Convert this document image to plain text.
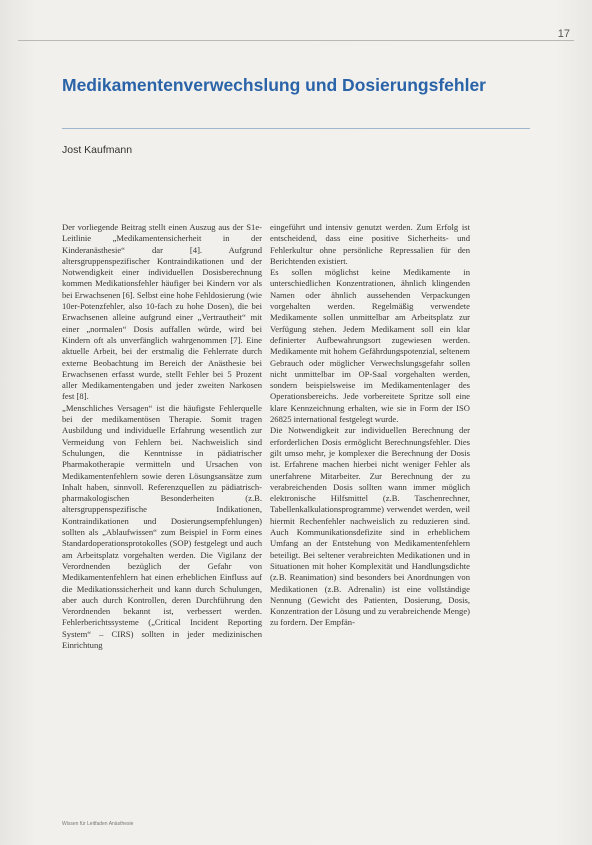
17
Medikamentenverwechslung und Dosierungsfehler
Jost Kaufmann

Der vorliegende Beitrag stellt einen Auszug aus der S1e-Leitlinie „Medikamentensicherheit in der Kinderanästhesie“ dar [4]. Aufgrund altersgruppenspezifischer Kontraindikationen und der Notwendigkeit einer individuellen Dosisberechnung kommen Medikationsfehler häufiger bei Kindern vor als bei Erwachsenen [6]. Selbst eine hohe Fehldosierung (wie 10er-Potenzfehler, also 10-fach zu hohe Dosen), die bei Erwachsenen alleine aufgrund einer „Vertrautheit“ mit einer „normalen“ Dosis auffallen würde, wird bei Kindern oft als unverfänglich wahrgenommen [7]. Eine aktuelle Arbeit, bei der erstmalig die Fehlerrate durch externe Beobachtung im Bereich der Anästhesie bei Erwachsenen erfasst wurde, stellt Fehler bei 5 Prozent aller Medikamentengaben und jeder zweiten Narkosen fest [8].

„Menschliches Versagen“ ist die häufigste Fehlerquelle bei der medikamentösen Therapie. Somit tragen Ausbildung und individuelle Erfahrung wesentlich zur Vermeidung von Fehlern bei. Nachweislich sind Schulungen, die Kenntnisse in pädiatrischer Pharmakotherapie vermitteln und Ursachen von Medikamentenfehlern sowie deren Lösungsansätze zum Inhalt haben, sinnvoll. Referenzquellen zu pädiatrisch-pharmakologischen Besonderheiten (z.B. altersgruppenspezifische Indikationen, Kontraindikationen und Dosierungsempfehlungen) sollten als „Ablaufwissen“ zum Beispiel in Form eines Standardoperationsprotokolles (SOP) festgelegt und auch am Arbeitsplatz vorgehalten werden. Die Vigilanz der Verordnenden bezüglich der Gefahr von Medikamentenfehlern hat einen erheblichen Einfluss auf die Medikationssicherheit und kann durch Schulungen, aber auch durch Kontrollen, deren Durchführung den Verordnenden bekannt ist, verbessert werden. Fehlerberichtssysteme („Critical Incident Reporting System“ – CIRS) sollten in jeder medizinischen Einrichtung

eingeführt und intensiv genutzt werden. Zum Erfolg ist entscheidend, dass eine positive Sicherheits- und Fehlerkultur ohne persönliche Repressalien für den Berichtenden existiert.

Es sollen möglichst keine Medikamente in unterschiedlichen Konzentrationen, ähnlich klingenden Namen oder ähnlich aussehenden Verpackungen vorgehalten werden. Regelmäßig verwendete Medikamente sollen unmittelbar am Arbeitsplatz zur Verfügung stehen. Jedem Medikament soll ein klar definierter Aufbewahrungsort zugewiesen werden. Medikamente mit hohem Gefährdungspotenzial, seltenem Gebrauch oder möglicher Verwechslungsgefahr sollen nicht unmittelbar im OP-Saal vorgehalten werden, sondern beispielsweise im Medikamentenlager des Operationsbereichs. Jede vorbereitete Spritze soll eine klare Kennzeichnung erhalten, wie sie in Form der ISO 26825 international festgelegt wurde.

Die Notwendigkeit zur individuellen Berechnung der erforderlichen Dosis ermöglicht Berechnungsfehler. Dies gilt umso mehr, je komplexer die Berechnung der Dosis ist. Erfahrene machen hierbei nicht weniger Fehler als unerfahrene Mitarbeiter. Zur Berechnung der zu verabreichenden Dosis sollten wann immer möglich elektronische Hilfsmittel (z.B. Taschenrechner, Tabellenkalkulationsprogramme) verwendet werden, weil hiermit Rechenfehler nachweislich zu reduzieren sind. Auch Kommunikationsdefizite sind in erheblichem Umfang an der Entstehung von Medikamentenfehlern beteiligt. Bei seltener verabreichten Medikationen und in Situationen mit hoher Komplexität und Handlungsdichte (z.B. Reanimation) sind besonders bei Anordnungen von Medikationen (z.B. Adrenalin) ist eine vollständige Nennung (Gewicht des Patienten, Dosierung, Dosis, Konzentration der Lösung und zu verabreichende Menge) zu fordern. Der Empfän-

Wissen für Leitfaden Anästhesie
